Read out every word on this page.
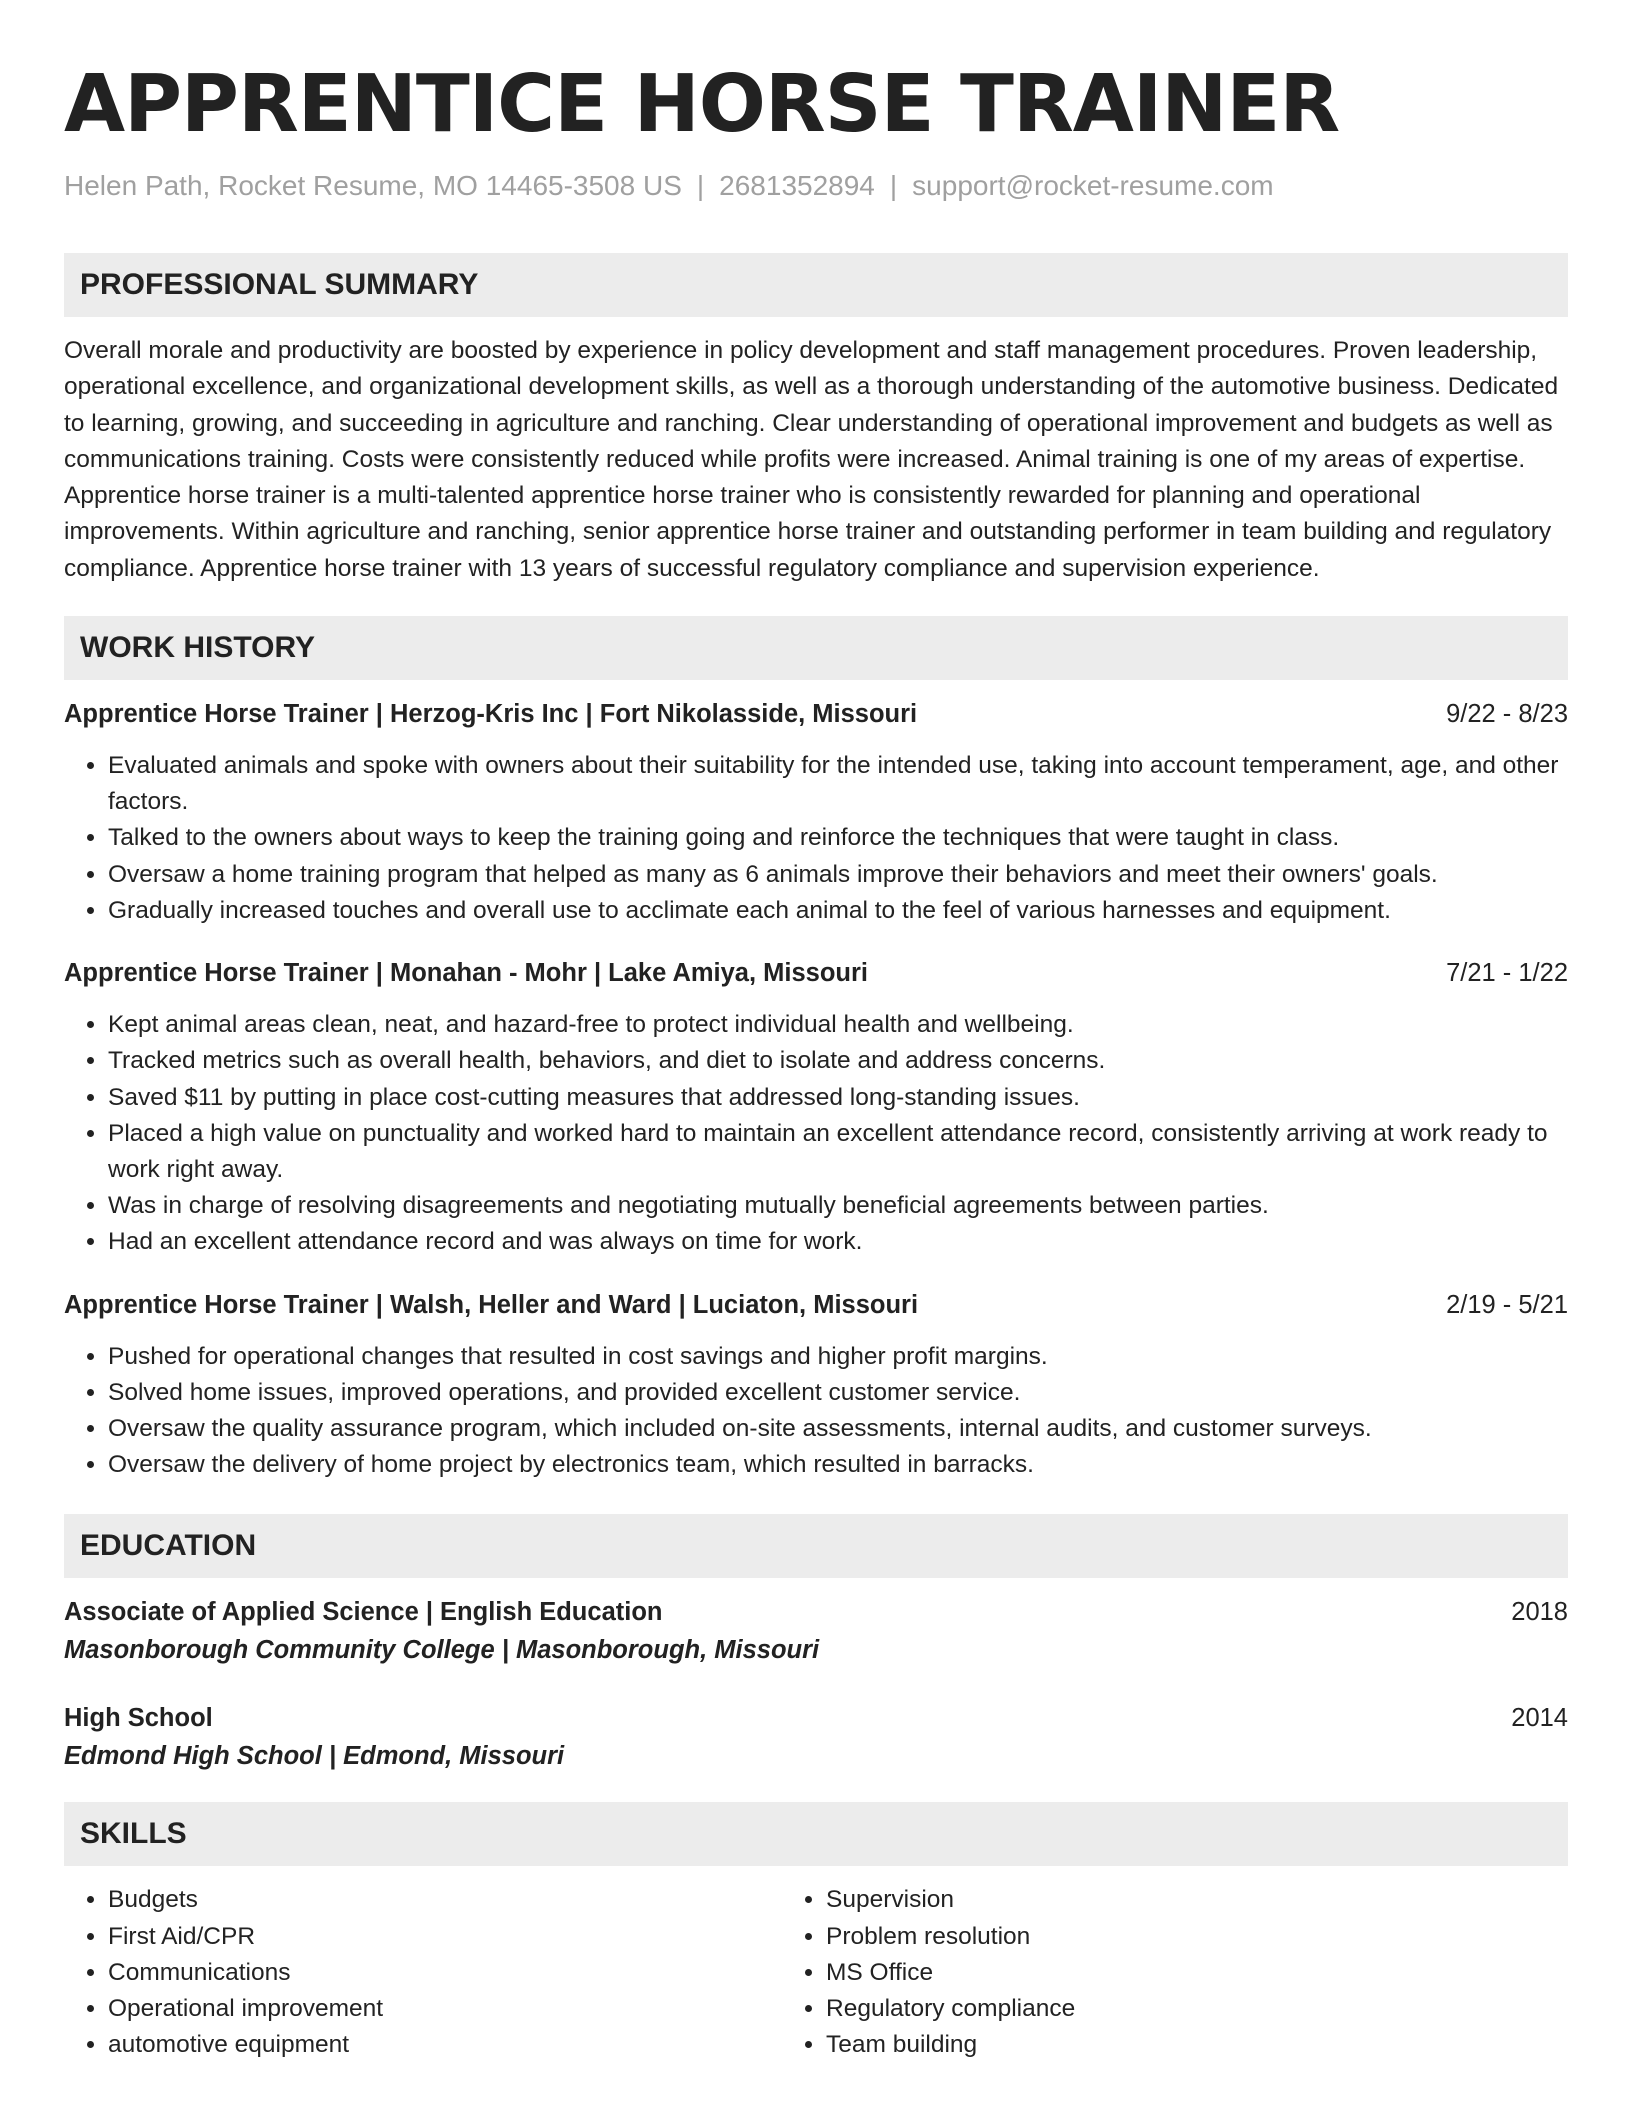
APPRENTICE HORSE TRAINER
Helen Path, Rocket Resume, MO 14465-3508 US | 2681352894 | support@rocket-resume.com
PROFESSIONAL SUMMARY
Overall morale and productivity are boosted by experience in policy development and staff management procedures. Proven leadership, operational excellence, and organizational development skills, as well as a thorough understanding of the automotive business. Dedicated to learning, growing, and succeeding in agriculture and ranching. Clear understanding of operational improvement and budgets as well as communications training. Costs were consistently reduced while profits were increased. Animal training is one of my areas of expertise. Apprentice horse trainer is a multi-talented apprentice horse trainer who is consistently rewarded for planning and operational improvements. Within agriculture and ranching, senior apprentice horse trainer and outstanding performer in team building and regulatory compliance. Apprentice horse trainer with 13 years of successful regulatory compliance and supervision experience.
WORK HISTORY
Apprentice Horse Trainer | Herzog-Kris Inc | Fort Nikolasside, Missouri	9/22 - 8/23
• Evaluated animals and spoke with owners about their suitability for the intended use, taking into account temperament, age, and other factors.
• Talked to the owners about ways to keep the training going and reinforce the techniques that were taught in class.
• Oversaw a home training program that helped as many as 6 animals improve their behaviors and meet their owners' goals.
• Gradually increased touches and overall use to acclimate each animal to the feel of various harnesses and equipment.
Apprentice Horse Trainer | Monahan - Mohr | Lake Amiya, Missouri	7/21 - 1/22
• Kept animal areas clean, neat, and hazard-free to protect individual health and wellbeing.
• Tracked metrics such as overall health, behaviors, and diet to isolate and address concerns.
• Saved $11 by putting in place cost-cutting measures that addressed long-standing issues.
• Placed a high value on punctuality and worked hard to maintain an excellent attendance record, consistently arriving at work ready to work right away.
• Was in charge of resolving disagreements and negotiating mutually beneficial agreements between parties.
• Had an excellent attendance record and was always on time for work.
Apprentice Horse Trainer | Walsh, Heller and Ward | Luciaton, Missouri	2/19 - 5/21
• Pushed for operational changes that resulted in cost savings and higher profit margins.
• Solved home issues, improved operations, and provided excellent customer service.
• Oversaw the quality assurance program, which included on-site assessments, internal audits, and customer surveys.
• Oversaw the delivery of home project by electronics team, which resulted in barracks.
EDUCATION
Associate of Applied Science | English Education	2018
Masonborough Community College | Masonborough, Missouri
High School	2014
Edmond High School | Edmond, Missouri
SKILLS
• Budgets
• First Aid/CPR
• Communications
• Operational improvement
• automotive equipment
• Supervision
• Problem resolution
• MS Office
• Regulatory compliance
• Team building
